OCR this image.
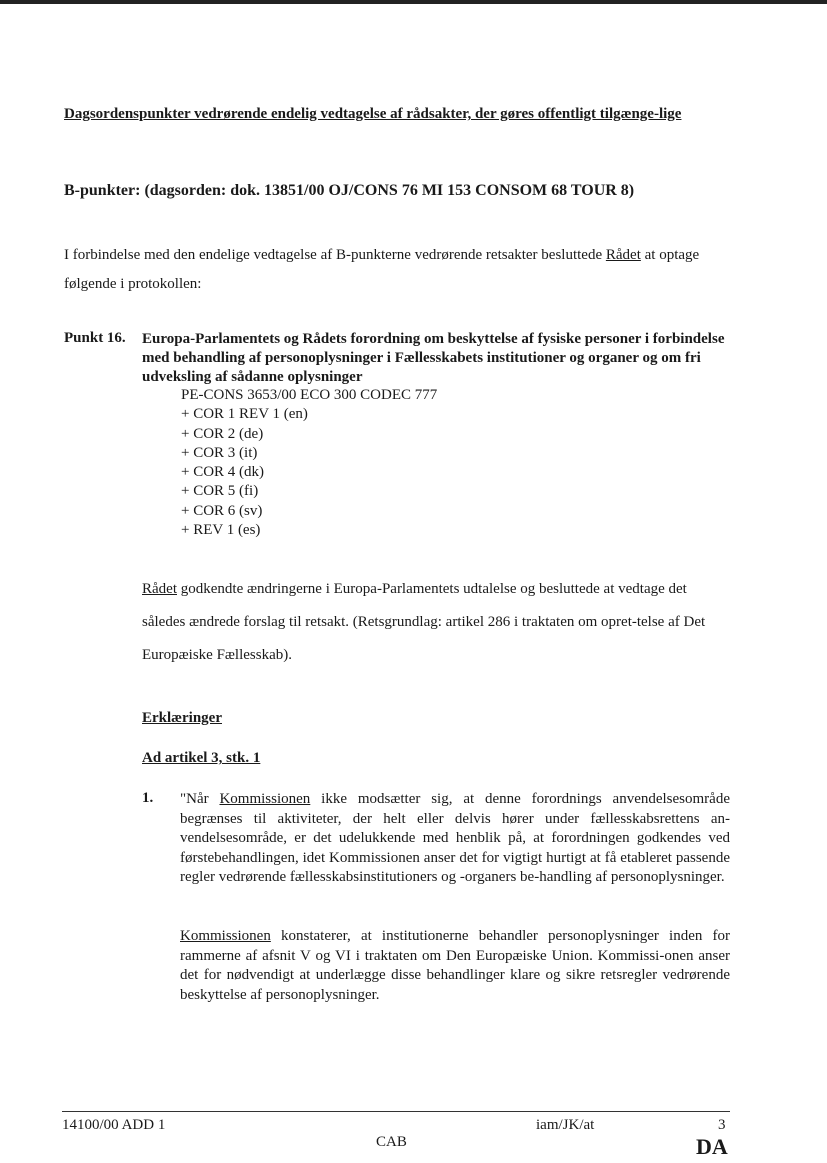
Dagsordenspunkter vedrørende endelig vedtagelse af rådsakter, der gøres offentligt tilgænge-lige
B-punkter: (dagsorden: dok. 13851/00 OJ/CONS 76 MI 153 CONSOM 68 TOUR 8)
I forbindelse med den endelige vedtagelse af B-punkterne vedrørende retsakter besluttede Rådet at optage følgende i protokollen:
Punkt 16. Europa-Parlamentets og Rådets forordning om beskyttelse af fysiske personer i forbindelse med behandling af personoplysninger i Fællesskabets institutioner og organer og om fri udveksling af sådanne oplysninger
PE-CONS 3653/00 ECO 300 CODEC 777
+ COR 1 REV 1 (en)
+ COR 2 (de)
+ COR 3 (it)
+ COR 4 (dk)
+ COR 5 (fi)
+ COR 6 (sv)
+ REV 1 (es)
Rådet godkendte ændringerne i Europa-Parlamentets udtalelse og besluttede at vedtage det således ændrede forslag til retsakt. (Retsgrundlag: artikel 286 i traktaten om opret-telse af Det Europæiske Fællesskab).
Erklæringer
Ad artikel 3, stk. 1
1. "Når Kommissionen ikke modsætter sig, at denne forordnings anvendelsesområde begrænses til aktiviteter, der helt eller delvis hører under fællesskabsrettens an-vendelsesområde, er det udelukkende med henblik på, at forordningen godkendes ved førstebehandlingen, idet Kommissionen anser det for vigtigt hurtigt at få etableret passende regler vedrørende fællesskabsinstitutioners og -organers be-handling af personoplysninger.
Kommissionen konstaterer, at institutionerne behandler personoplysninger inden for rammerne af afsnit V og VI i traktaten om Den Europæiske Union. Kommissi-onen anser det for nødvendigt at underlægge disse behandlinger klare og sikre retsregler vedrørende beskyttelse af personoplysninger.
14100/00 ADD 1	iam/JK/at	3
CAB	DA
